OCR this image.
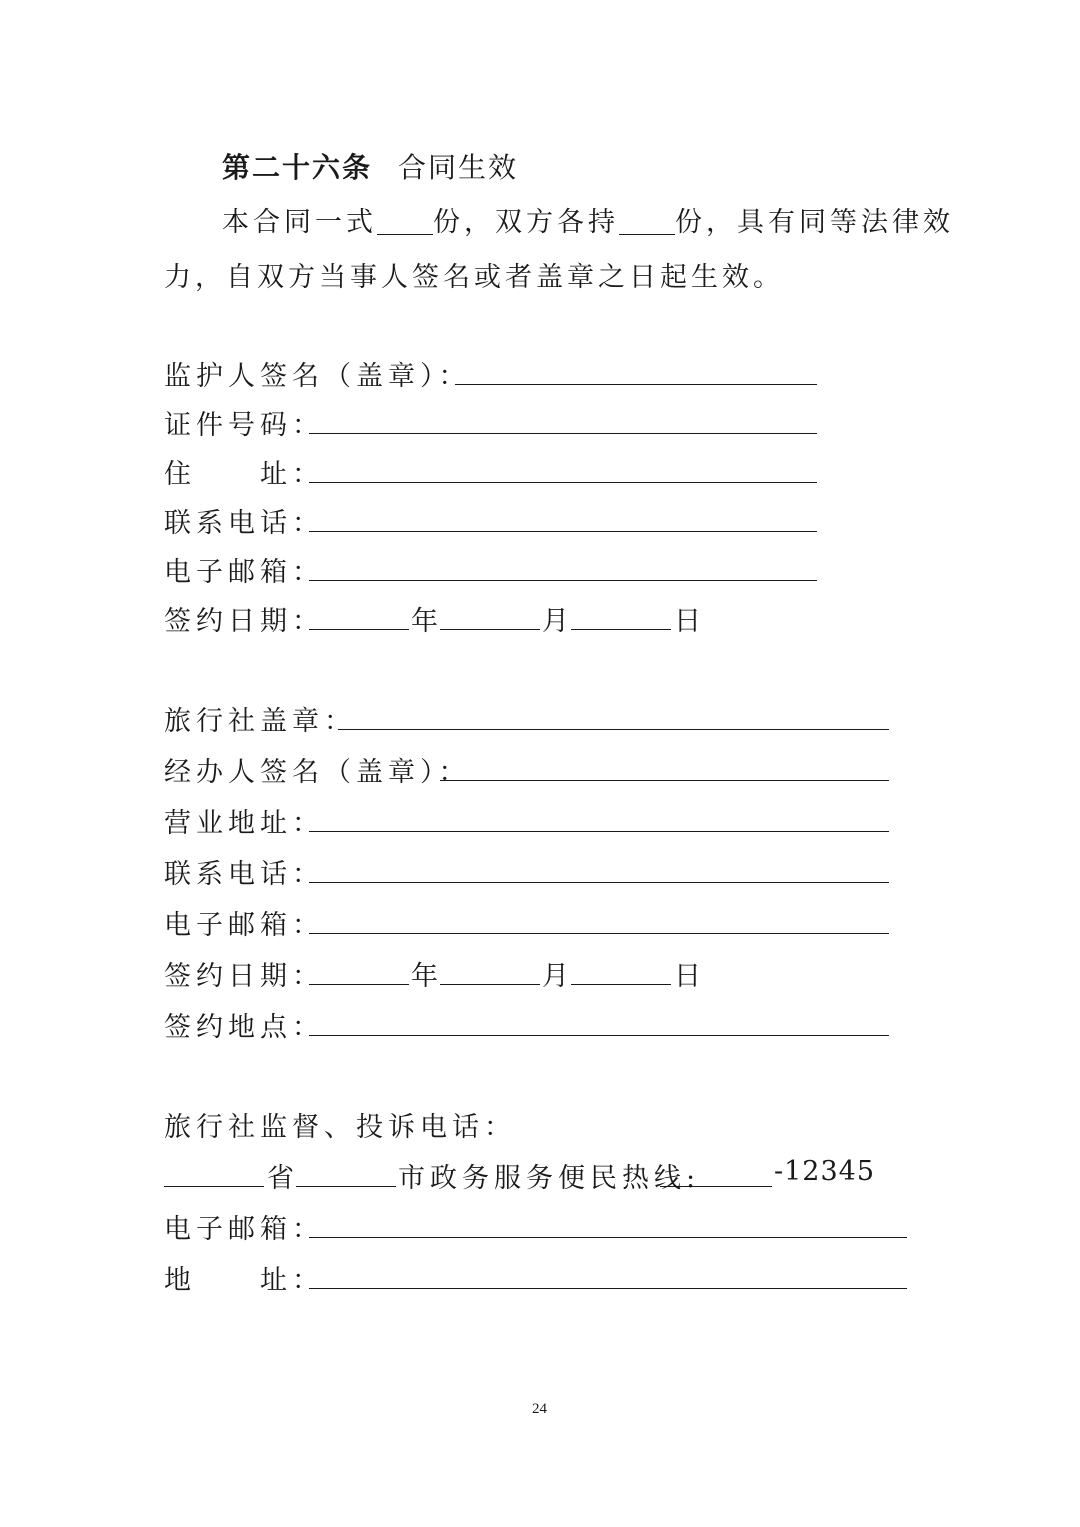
第二十六条 合同生效
本合同一式 份，双方各持 份，具有同等法律效
力，自双方当事人签名或者盖章之日起生效。
监护人签名（盖章）：
证件号码：
住　　址：
联系电话：
电子邮箱：
签约日期：	年	月	日
旅行社盖章：
经办人签名（盖章）：
营业地址：
联系电话：
电子邮箱：
签约日期：	年	月	日
签约地点：
旅行社监督、投诉电话：
省	市政务服务便民热线:	-12345
电子邮箱：
地　　址：
24
